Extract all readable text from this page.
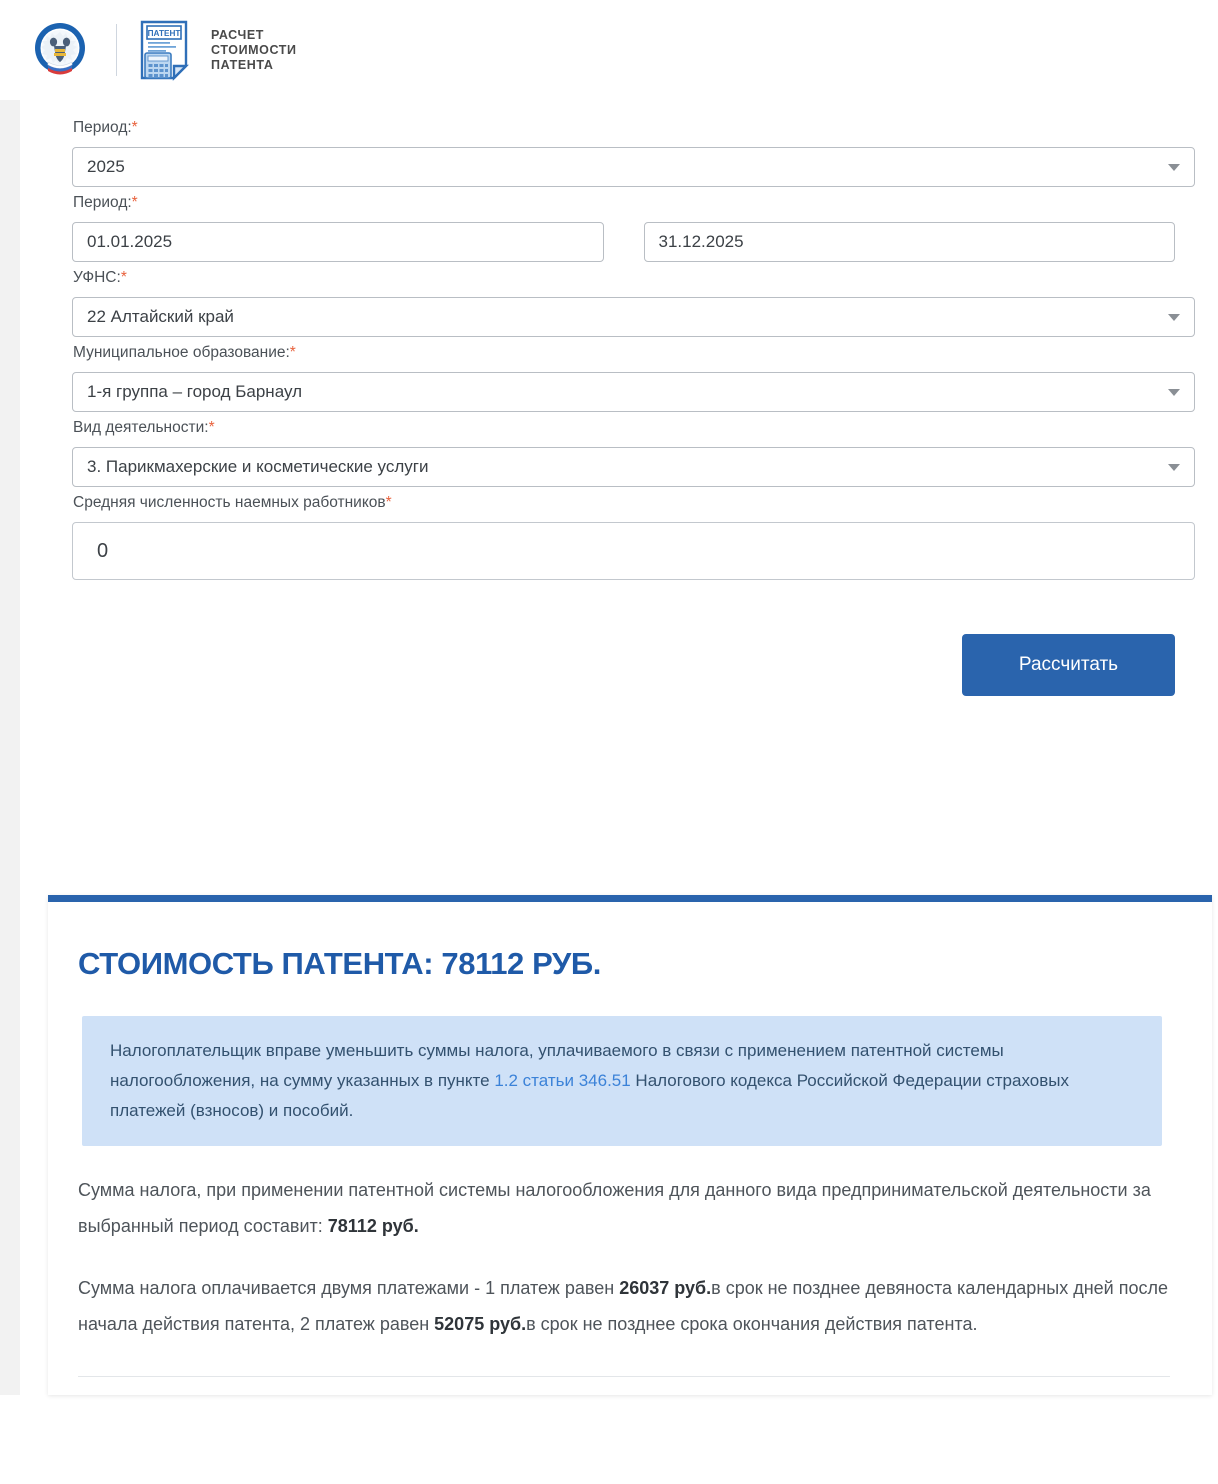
ПАТЕНТ РАСЧЕТ
СТОИМОСТИ
ПАТЕНТА
Период:*
2025
Период:*
01.01.2025	31.12.2025
УФНС:*
22 Алтайский край
Муниципальное образование:*
1-я группа – город Барнаул
Вид деятельности:*
3. Парикмахерские и косметические услуги
Средняя численность наемных работников*
0
Рассчитать
СТОИМОСТЬ ПАТЕНТА: 78112 РУБ.
Налогоплательщик вправе уменьшить суммы налога, уплачиваемого в связи с применением патентной системы налогообложения, на сумму указанных в пункте 1.2 статьи 346.51 Налогового кодекса Российской Федерации страховых платежей (взносов) и пособий.

Сумма налога, при применении патентной системы налогообложения для данного вида предпринимательской деятельности за выбранный период составит: 78112 руб.

Сумма налога оплачивается двумя платежами - 1 платеж равен 26037 руб.в срок не позднее девяноста календарных дней после начала действия патента, 2 платеж равен 52075 руб.в срок не позднее срока окончания действия патента.
